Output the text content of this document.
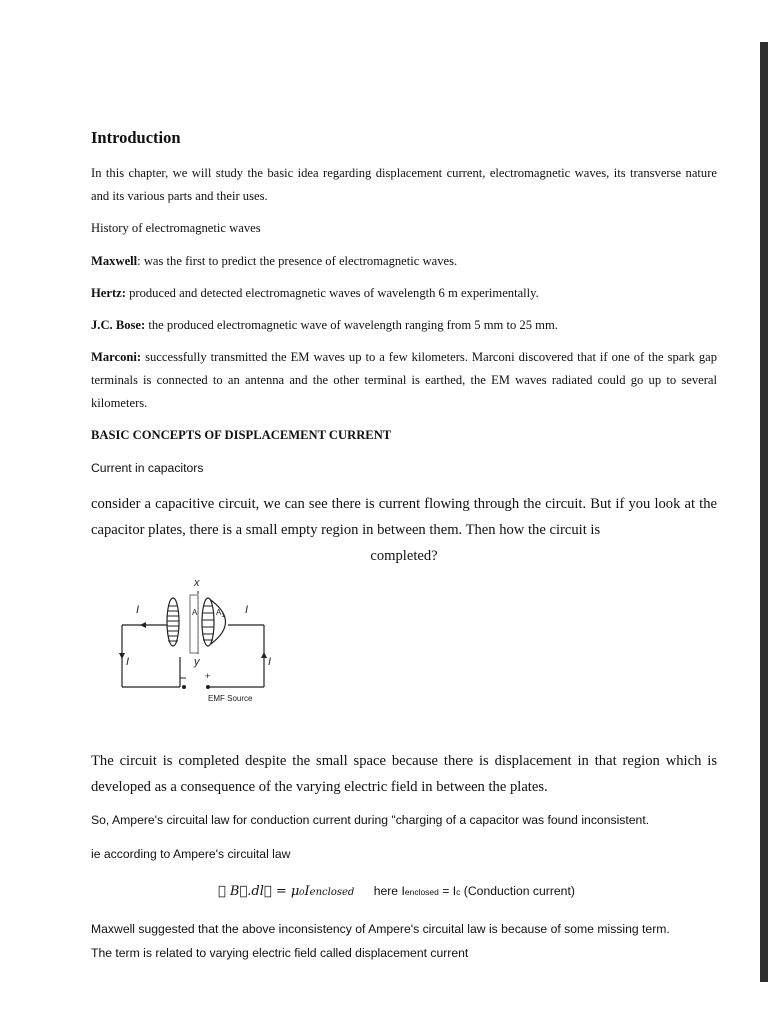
Introduction

In this chapter, we will study the basic idea regarding displacement current, electromagnetic waves, its transverse nature and its various parts and their uses.

History of electromagnetic waves

Maxwell: was the first to predict the presence of electromagnetic waves.

Hertz: produced and detected electromagnetic waves of wavelength 6 m experimentally.

J.C. Bose: the produced electromagnetic wave of wavelength ranging from 5 mm to 25 mm.

Marconi: successfully transmitted the EM waves up to a few kilometers. Marconi discovered that if one of the spark gap terminals is connected to an antenna and the other terminal is earthed, the EM waves radiated could go up to several kilometers.

BASIC CONCEPTS OF DISPLACEMENT CURRENT

Current in capacitors

consider a capacitive circuit, we can see there is current flowing through the circuit. But if you look at the capacitor plates, there is a small empty region in between them. Then how the circuit is

completed?

x
y
I	I
I	I
A $A_1$
+
EMF Source

The circuit is completed despite the small space because there is displacement in that region which is developed as a consequence of the varying electric field in between the plates.

So, Ampere's circuital law for conduction current during "charging of a capacitor was found inconsistent.

ie according to Ampere's circuital law

∮ B⃗.dl⃗ = μ₀Ienclosed here Ienclosed = Ic (Conduction current)

Maxwell suggested that the above inconsistency of Ampere's circuital law is because of some missing term.

The term is related to varying electric field called displacement current
